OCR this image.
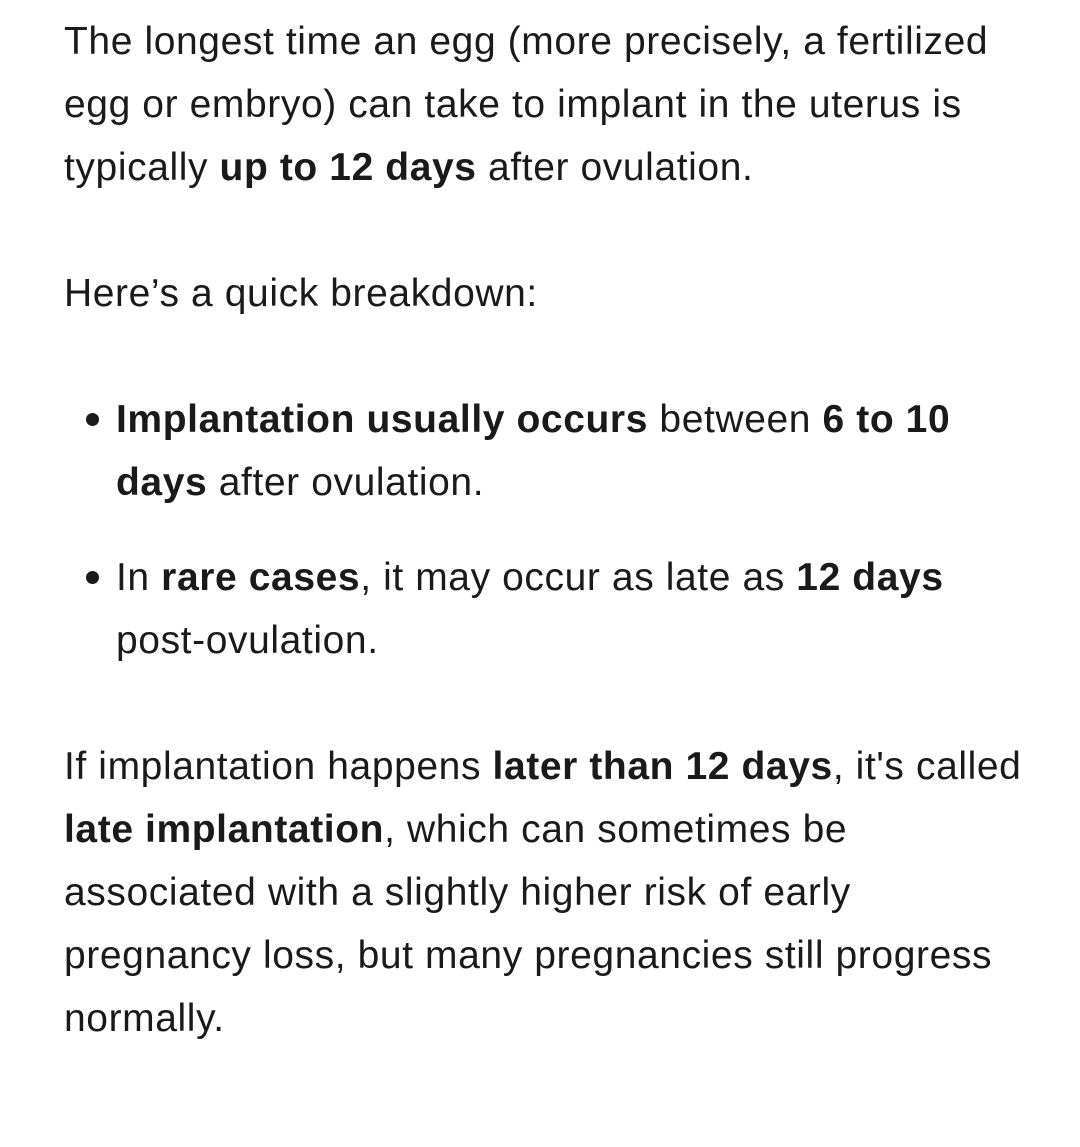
The longest time an egg (more precisely, a fertilized egg or embryo) can take to implant in the uterus is typically up to 12 days after ovulation.

Here’s a quick breakdown:

Implantation usually occurs between 6 to 10 days after ovulation.
In rare cases, it may occur as late as 12 days post-ovulation.

If implantation happens later than 12 days, it's called late implantation, which can sometimes be associated with a slightly higher risk of early pregnancy loss, but many pregnancies still progress normally.
